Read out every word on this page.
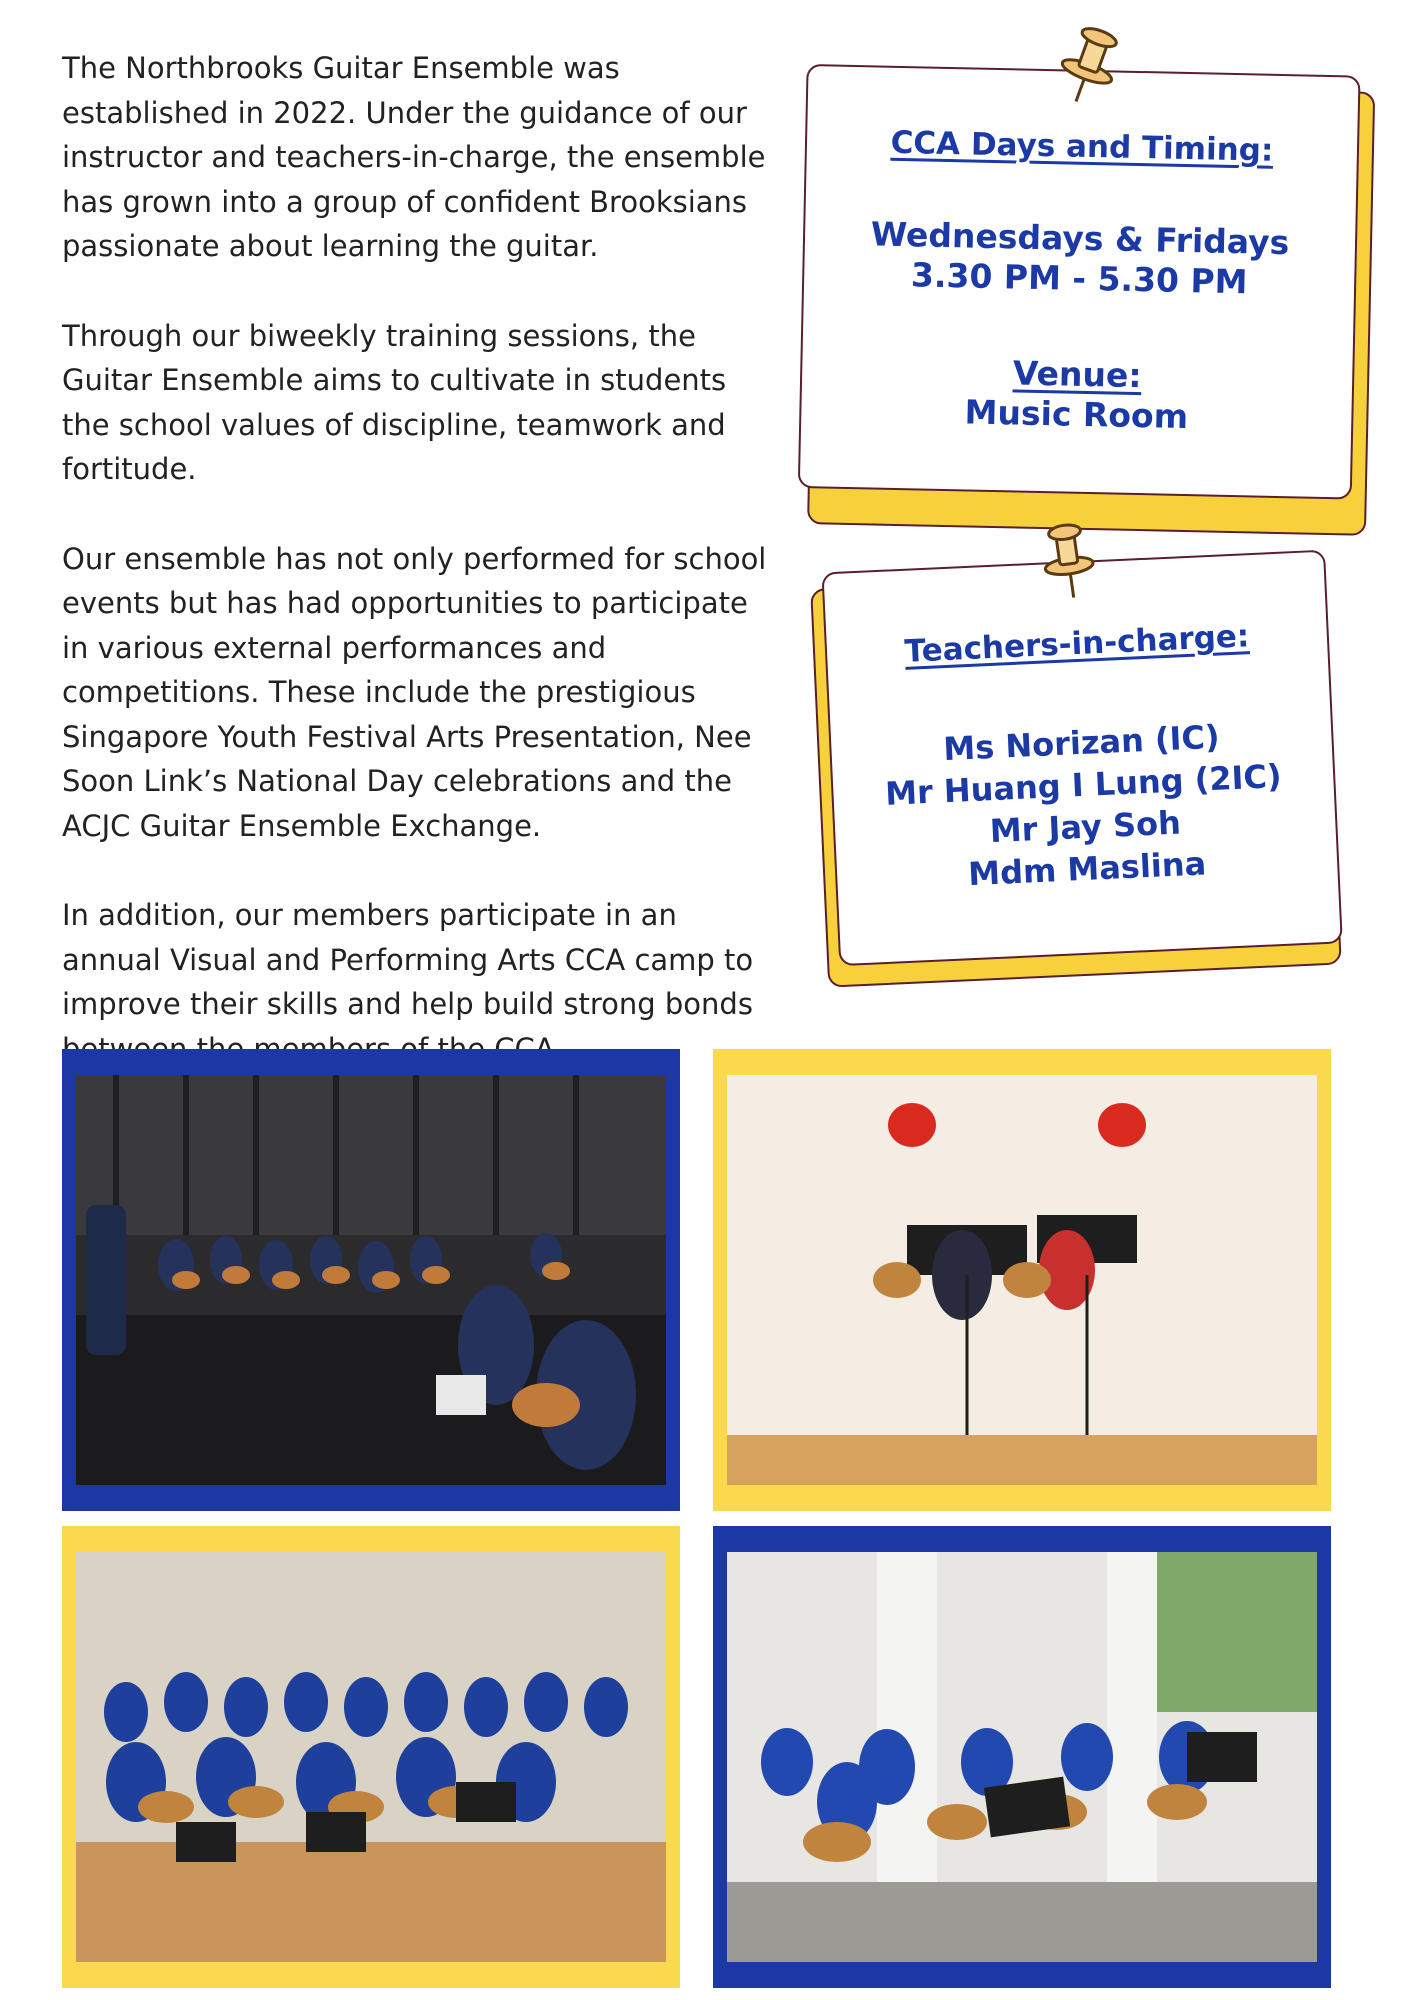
The Northbrooks Guitar Ensemble was established in 2022. Under the guidance of our instructor and teachers-in-charge, the ensemble has grown into a group of confident Brooksians passionate about learning the guitar.

Through our biweekly training sessions, the Guitar Ensemble aims to cultivate in students the school values of discipline, teamwork and fortitude.

Our ensemble has not only performed for school events but has had opportunities to participate in various external performances and competitions. These include the prestigious Singapore Youth Festival Arts Presentation, Nee Soon Link’s National Day celebrations and the ACJC Guitar Ensemble Exchange.

In addition, our members participate in an annual Visual and Performing Arts CCA camp to improve their skills and help build strong bonds

CCA Days and Timing:
Wednesdays & Fridays
3.30 PM - 5.30 PM
Venue:
Music Room
Teachers-in-charge:
Ms Norizan (IC)
Mr Huang I Lung (2IC)
Mr Jay Soh
Mdm Maslina
